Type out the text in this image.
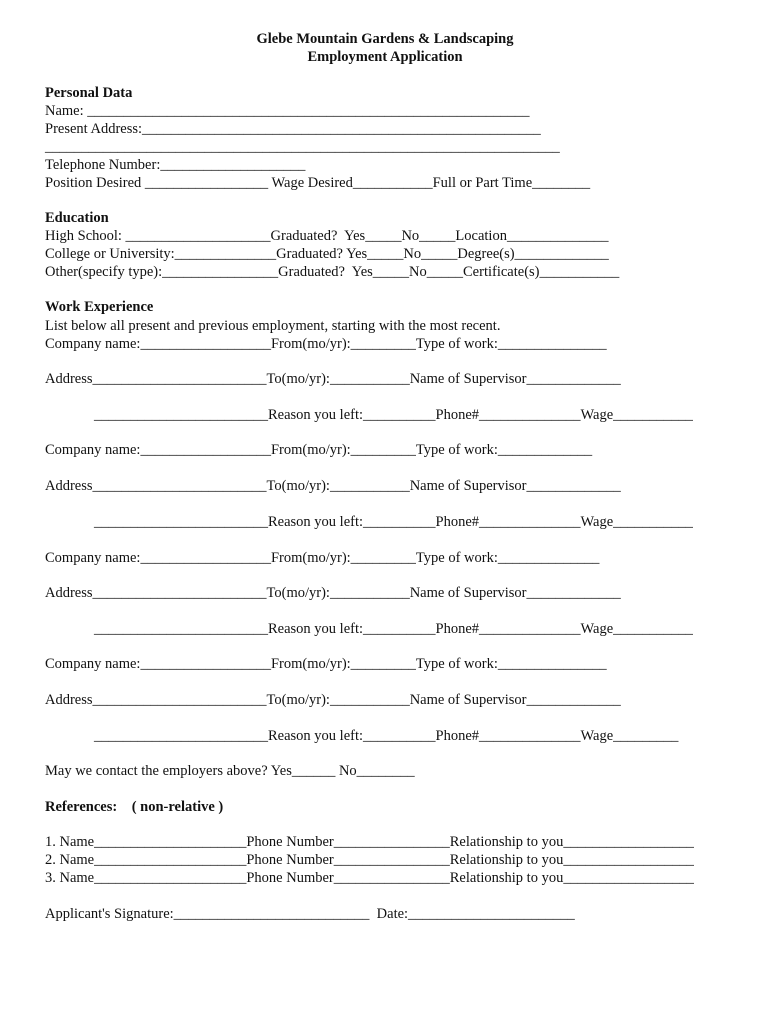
Glebe Mountain Gardens & Landscaping
Employment Application
Personal Data
Name: _____________________________________________________________
Present Address:_______________________________________________________
_______________________________________________________________________
Telephone Number:____________________
Position Desired _________________ Wage Desired___________Full or Part Time________
Education
High School: ____________________Graduated?  Yes_____No_____Location______________
College or University:______________Graduated? Yes_____No_____Degree(s)_____________
Other(specify type):________________Graduated?  Yes_____No_____Certificate(s)___________
Work Experience
List below all present and previous employment, starting with the most recent.
Company name:__________________From(mo/yr):_________Type of work:_______________
Address________________________To(mo/yr):___________Name of Supervisor_____________
________________________Reason you left:__________Phone#______________Wage___________
Company name:__________________From(mo/yr):_________Type of work:_____________
Address________________________To(mo/yr):___________Name of Supervisor_____________
________________________Reason you left:__________Phone#______________Wage___________
Company name:__________________From(mo/yr):_________Type of work:______________
Address________________________To(mo/yr):___________Name of Supervisor_____________
________________________Reason you left:__________Phone#______________Wage___________
Company name:__________________From(mo/yr):_________Type of work:_______________
Address________________________To(mo/yr):___________Name of Supervisor_____________
________________________Reason you left:__________Phone#______________Wage_________
May we contact the employers above? Yes______ No________
References:    ( non-relative )
1. Name_____________________Phone Number________________Relationship to you__________________
2. Name_____________________Phone Number________________Relationship to you__________________
3. Name_____________________Phone Number________________Relationship to you__________________
Applicant's Signature:___________________________  Date:_______________________
